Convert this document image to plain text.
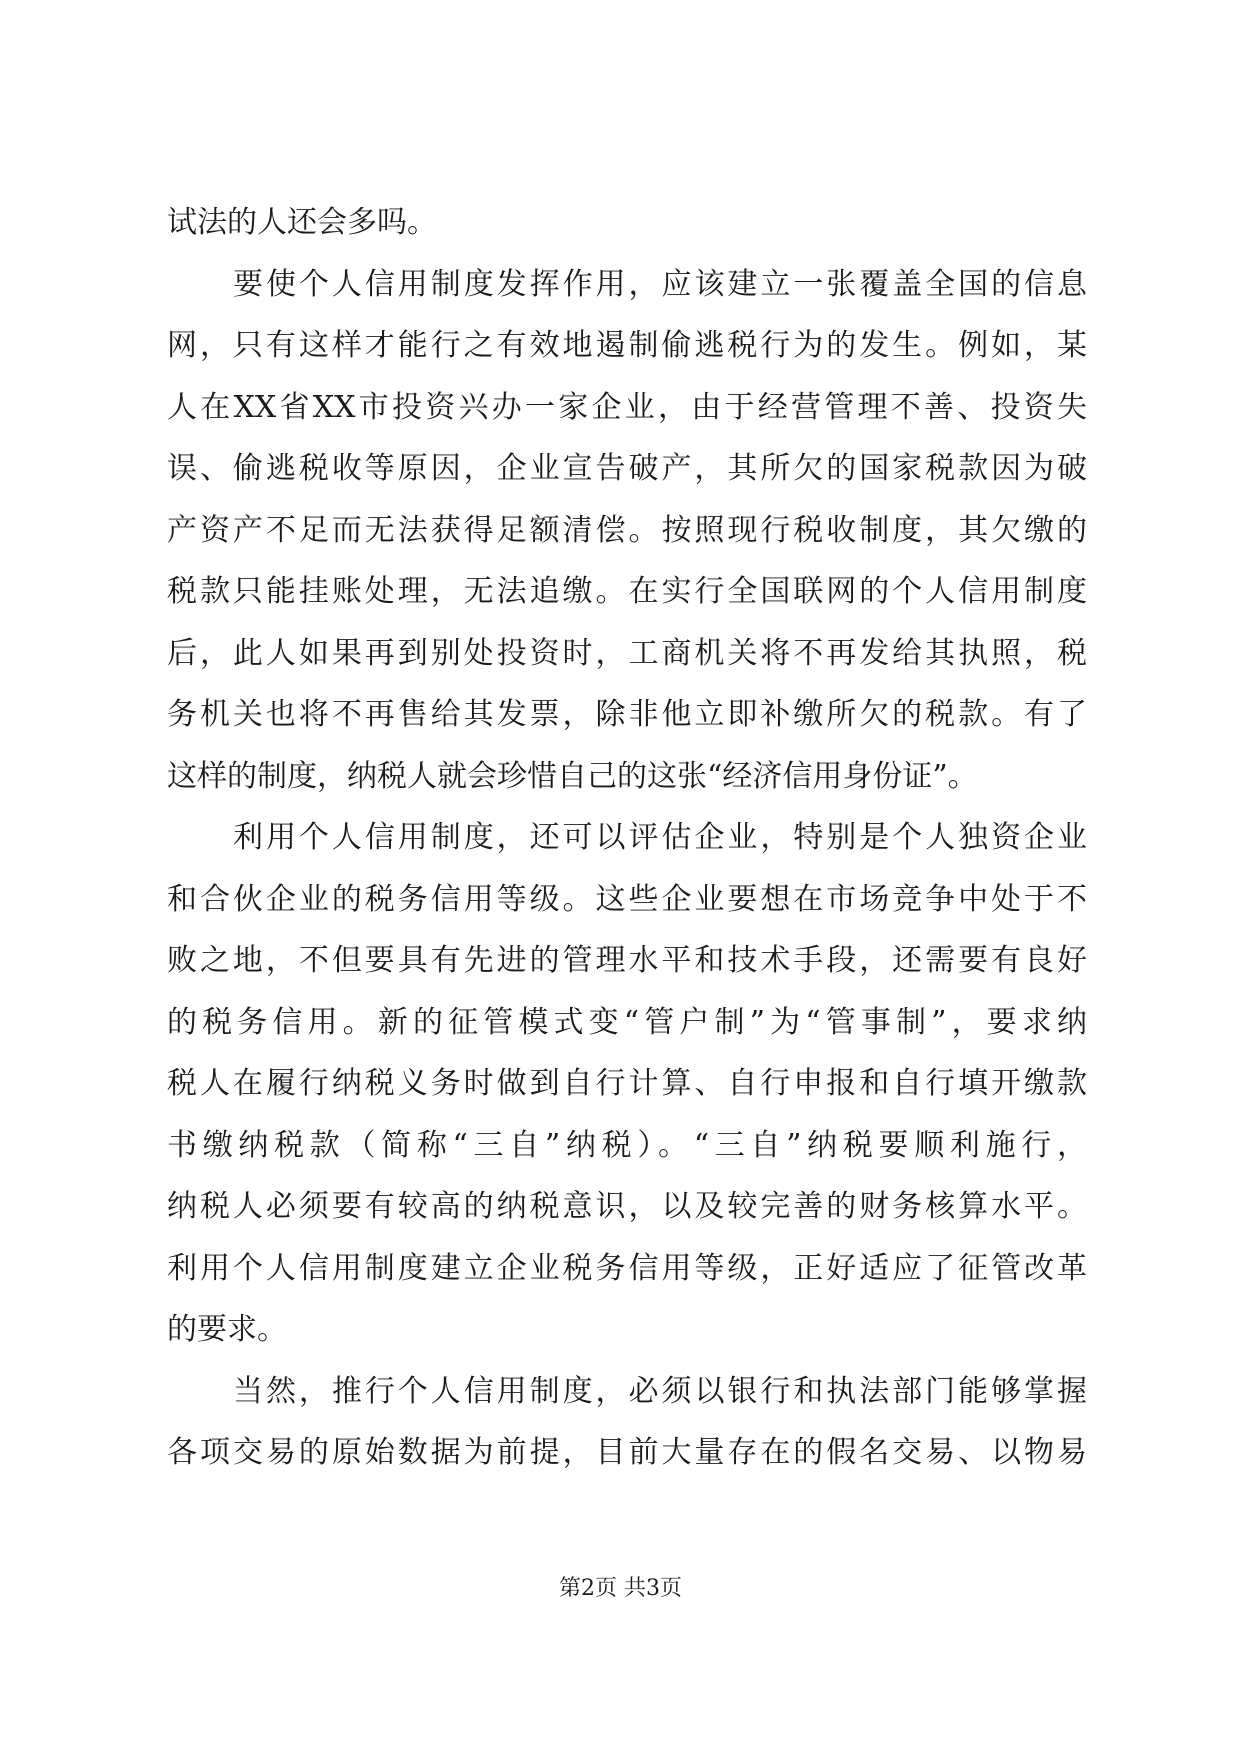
试法的人还会多吗。
要使个人信用制度发挥作用，应该建立一张覆盖全国的信息
网，只有这样才能行之有效地遏制偷逃税行为的发生。例如，某
人在XX省XX市投资兴办一家企业，由于经营管理不善、投资失
误、偷逃税收等原因，企业宣告破产，其所欠的国家税款因为破
产资产不足而无法获得足额清偿。按照现行税收制度，其欠缴的
税款只能挂账处理，无法追缴。在实行全国联网的个人信用制度
后，此人如果再到别处投资时，工商机关将不再发给其执照，税
务机关也将不再售给其发票，除非他立即补缴所欠的税款。有了
这样的制度，纳税人就会珍惜自己的这张“经济信用身份证”。
利用个人信用制度，还可以评估企业，特别是个人独资企业
和合伙企业的税务信用等级。这些企业要想在市场竞争中处于不
败之地，不但要具有先进的管理水平和技术手段，还需要有良好
的税务信用。新的征管模式变“管户制”为“管事制”，要求纳
税人在履行纳税义务时做到自行计算、自行申报和自行填开缴款
书缴纳税款（简称“三自”纳税）。“三自”纳税要顺利施行，
纳税人必须要有较高的纳税意识，以及较完善的财务核算水平。
利用个人信用制度建立企业税务信用等级，正好适应了征管改革
的要求。
当然，推行个人信用制度，必须以银行和执法部门能够掌握
各项交易的原始数据为前提，目前大量存在的假名交易、以物易
第2页 共3页
